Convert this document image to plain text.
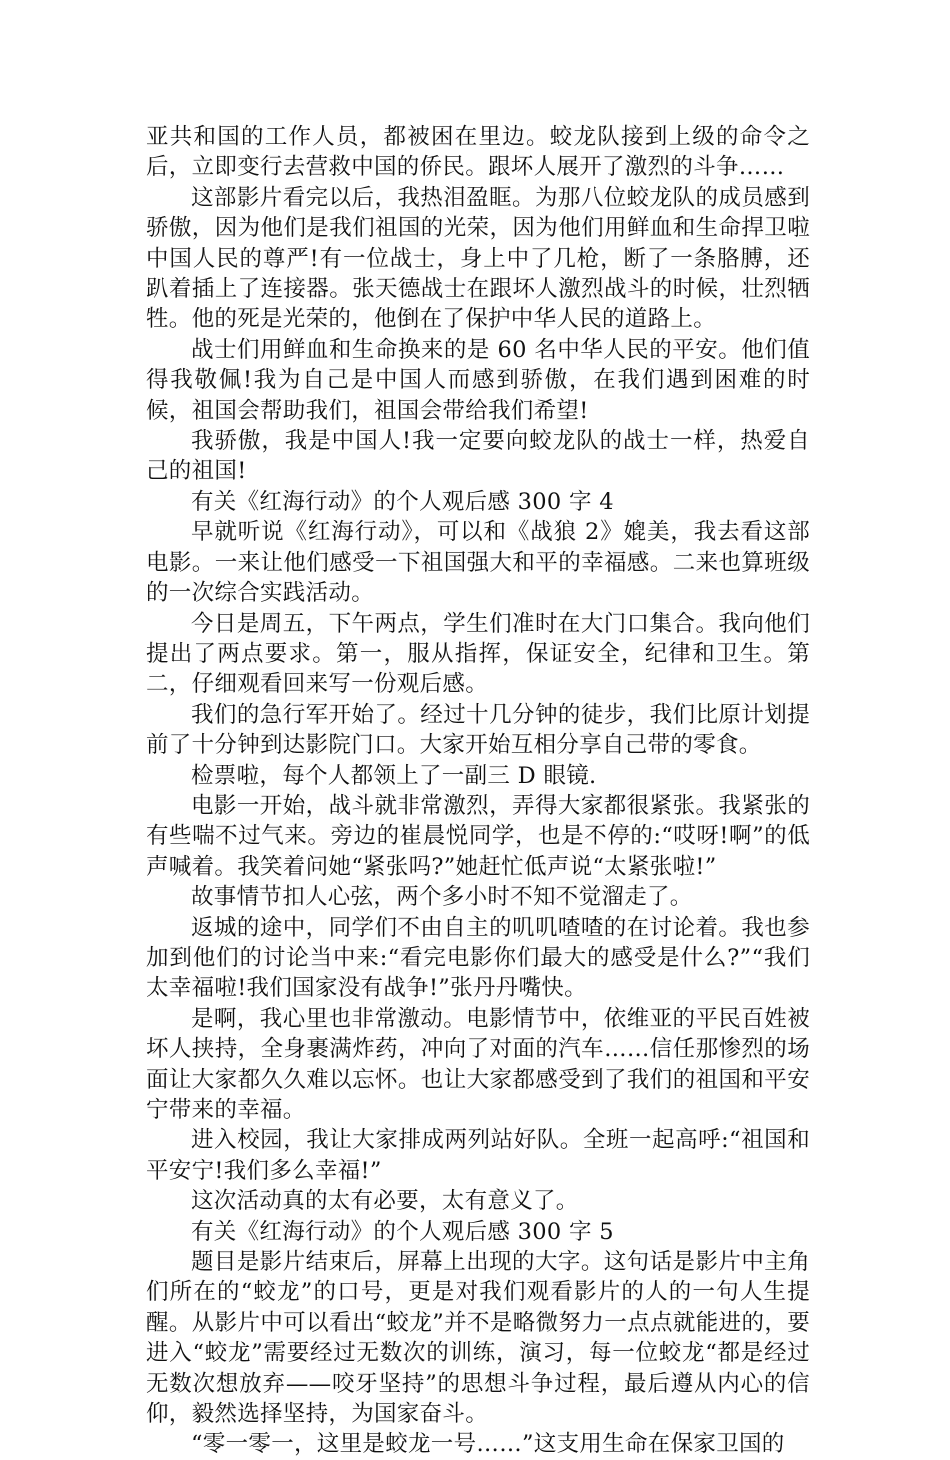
亚共和国的工作人员，都被困在里边。蛟龙队接到上级的命令之后，立即变行去营救中国的侨民。跟坏人展开了激烈的斗争……

这部影片看完以后，我热泪盈眶。为那八位蛟龙队的成员感到骄傲，因为他们是我们祖国的光荣，因为他们用鲜血和生命捍卫啦中国人民的尊严!有一位战士，身上中了几枪，断了一条胳膊，还趴着插上了连接器。张天德战士在跟坏人激烈战斗的时候，壮烈牺牲。他的死是光荣的，他倒在了保护中华人民的道路上。

战士们用鲜血和生命换来的是 60 名中华人民的平安。他们值得我敬佩!我为自己是中国人而感到骄傲，在我们遇到困难的时候，祖国会帮助我们，祖国会带给我们希望!

我骄傲，我是中国人!我一定要向蛟龙队的战士一样，热爱自己的祖国!

有关《红海行动》的个人观后感 300 字 4

早就听说《红海行动》，可以和《战狼 2》媲美，我去看这部电影。一来让他们感受一下祖国强大和平的幸福感。二来也算班级的一次综合实践活动。

今日是周五，下午两点，学生们准时在大门口集合。我向他们提出了两点要求。第一，服从指挥，保证安全，纪律和卫生。第二，仔细观看回来写一份观后感。

我们的急行军开始了。经过十几分钟的徒步，我们比原计划提前了十分钟到达影院门口。大家开始互相分享自己带的零食。

检票啦，每个人都领上了一副三 D 眼镜.

电影一开始，战斗就非常激烈，弄得大家都很紧张。我紧张的有些喘不过气来。旁边的崔晨悦同学，也是不停的:“哎呀!啊”的低声喊着。我笑着问她“紧张吗?”她赶忙低声说“太紧张啦!”

故事情节扣人心弦，两个多小时不知不觉溜走了。

返城的途中，同学们不由自主的叽叽喳喳的在讨论着。我也参加到他们的讨论当中来:“看完电影你们最大的感受是什么?”“我们太幸福啦!我们国家没有战争!”张丹丹嘴快。

是啊，我心里也非常激动。电影情节中，依维亚的平民百姓被坏人挟持，全身裹满炸药，冲向了对面的汽车……信任那惨烈的场面让大家都久久难以忘怀。也让大家都感受到了我们的祖国和平安宁带来的幸福。

进入校园，我让大家排成两列站好队。全班一起高呼:“祖国和平安宁!我们多么幸福!”

这次活动真的太有必要，太有意义了。

有关《红海行动》的个人观后感 300 字 5

题目是影片结束后，屏幕上出现的大字。这句话是影片中主角们所在的“蛟龙”的口号，更是对我们观看影片的人的一句人生提醒。从影片中可以看出“蛟龙”并不是略微努力一点点就能进的，要进入“蛟龙”需要经过无数次的训练，演习，每一位蛟龙“都是经过无数次想放弃——咬牙坚持”的思想斗争过程，最后遵从内心的信仰，毅然选择坚持，为国家奋斗。

“零一零一，这里是蛟龙一号……”这支用生命在保家卫国的
